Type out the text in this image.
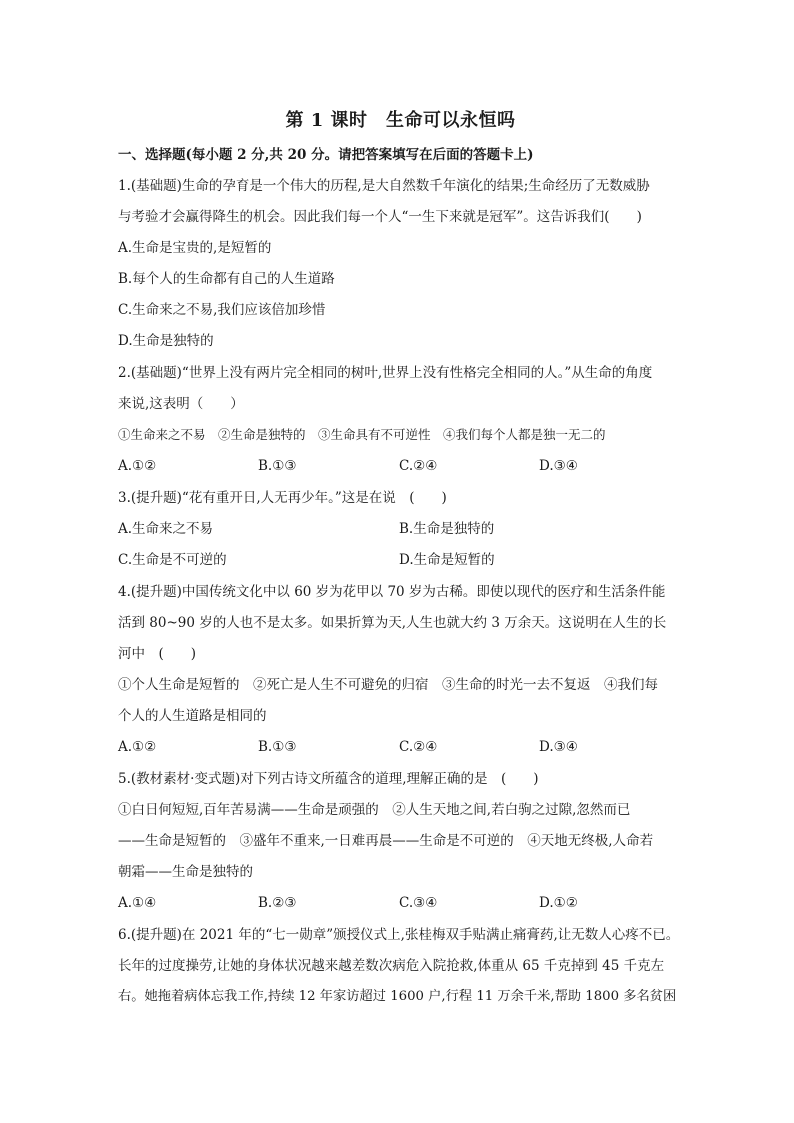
第 1 课时　生命可以永恒吗
一、选择题(每小题 2 分,共 20 分。请把答案填写在后面的答题卡上)
1.(基础题)生命的孕育是一个伟大的历程,是大自然数千年演化的结果;生命经历了无数威胁
与考验才会赢得降生的机会。因此我们每一个人“一生下来就是冠军”。这告诉我们(　　)
A.生命是宝贵的,是短暂的
B.每个人的生命都有自己的人生道路
C.生命来之不易,我们应该倍加珍惜
D.生命是独特的
2.(基础题)“世界上没有两片完全相同的树叶,世界上没有性格完全相同的人。”从生命的角度
来说,这表明（　　）
①生命来之不易　②生命是独特的　③生命具有不可逆性　④我们每个人都是独一无二的
A.①②	B.①③	C.②④	D.③④
3.(提升题)“花有重开日,人无再少年。”这是在说　(　　)
A.生命来之不易	B.生命是独特的
C.生命是不可逆的	D.生命是短暂的
4.(提升题)中国传统文化中以 60 岁为花甲以 70 岁为古稀。即使以现代的医疗和生活条件能
活到 80~90 岁的人也不是太多。如果折算为天,人生也就大约 3 万余天。这说明在人生的长
河中　(　　)
①个人生命是短暂的　②死亡是人生不可避免的归宿　③生命的时光一去不复返　④我们每
个人的人生道路是相同的
A.①②	B.①③	C.②④	D.③④
5.(教材素材·变式题)对下列古诗文所蕴含的道理,理解正确的是　(　　)
①白日何短短,百年苦易满——生命是顽强的　②人生天地之间,若白驹之过隙,忽然而已
——生命是短暂的　③盛年不重来,一日难再晨——生命是不可逆的　④天地无终极,人命若
朝霜——生命是独特的
A.①④	B.②③	C.③④	D.①②
6.(提升题)在 2021 年的“七一勋章”颁授仪式上,张桂梅双手贴满止痛膏药,让无数人心疼不已。
长年的过度操劳,让她的身体状况越来越差数次病危入院抢救,体重从 65 千克掉到 45 千克左
右。她拖着病体忘我工作,持续 12 年家访超过 1600 户,行程 11 万余千米,帮助 1800 多名贫困
